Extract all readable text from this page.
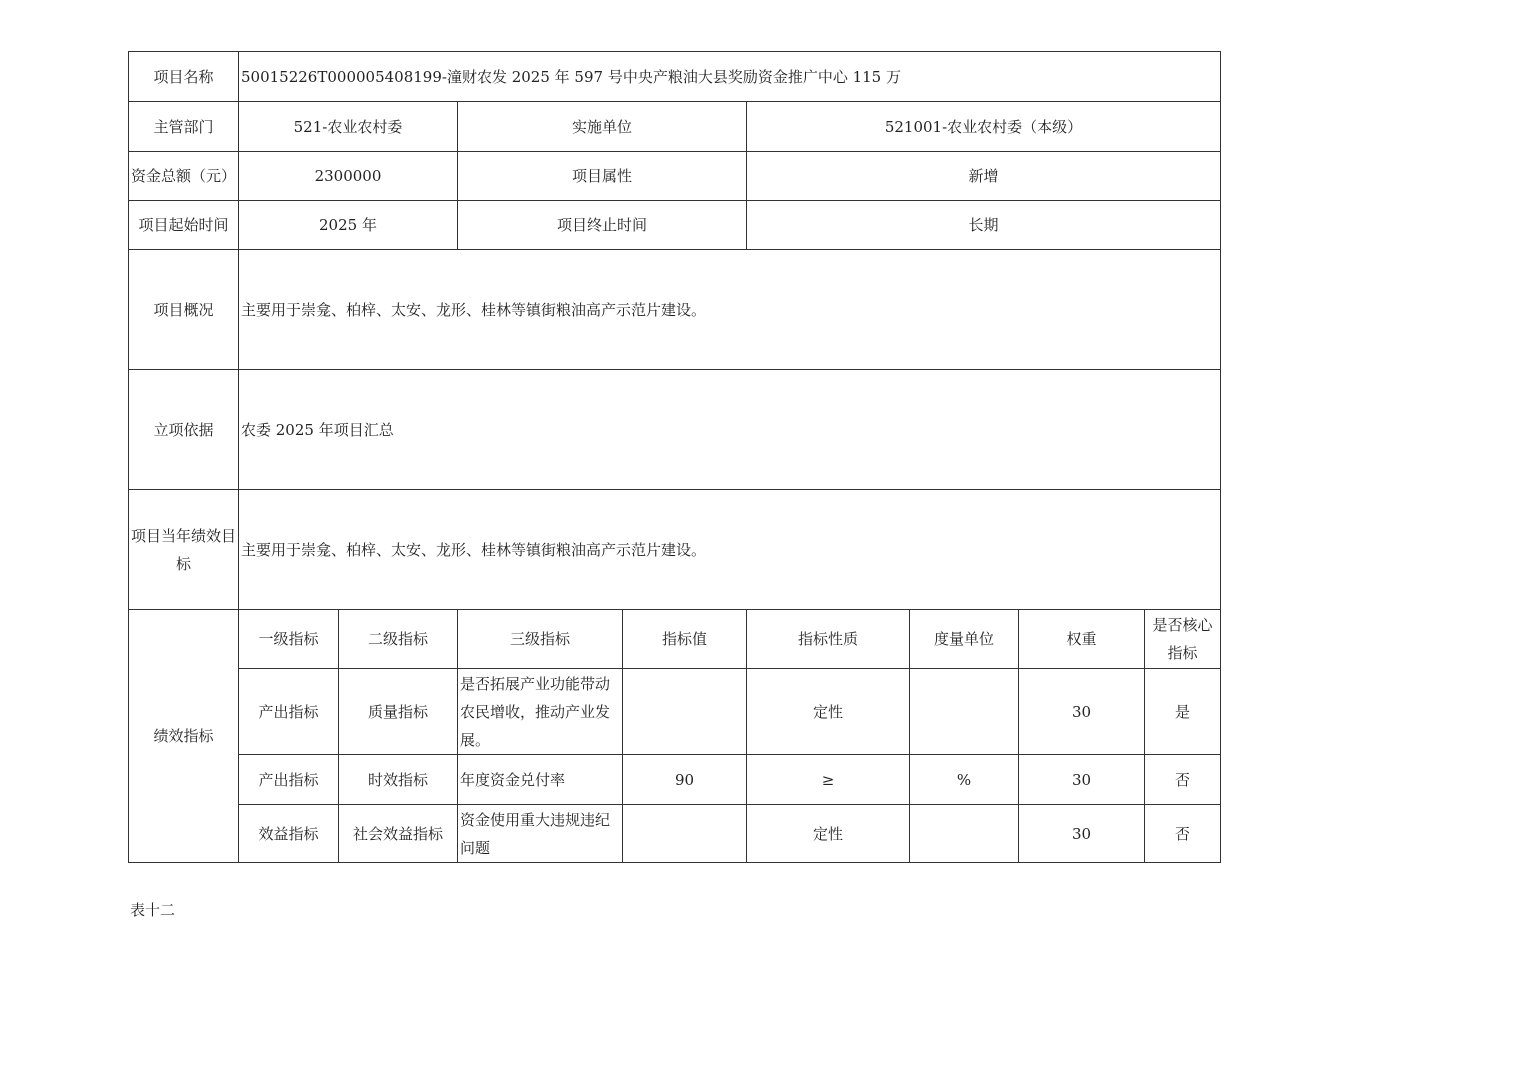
项目名称	50015226T000005408199-潼财农发 2025 年 597 号中央产粮油大县奖励资金推广中心 115 万							
主管部门	521-农业农村委		实施单位		521001-农业农村委（本级）			
资金总额（元）	2300000		项目属性		新增			
项目起始时间	2025 年		项目终止时间		长期			
项目概况	主要用于崇龛、柏梓、太安、龙形、桂林等镇街粮油高产示范片建设。							
立项依据	农委 2025 年项目汇总							
项目当年绩效目标	主要用于崇龛、柏梓、太安、龙形、桂林等镇街粮油高产示范片建设。							
绩效指标	一级指标	二级指标	三级指标	指标值	指标性质	度量单位	权重	是否核心指标
	产出指标	质量指标	是否拓展产业功能带动农民增收，推动产业发展。		定性		30	是
	产出指标	时效指标	年度资金兑付率	90	≥	%	30	否
	效益指标	社会效益指标	资金使用重大违规违纪问题		定性		30	否
表十二
